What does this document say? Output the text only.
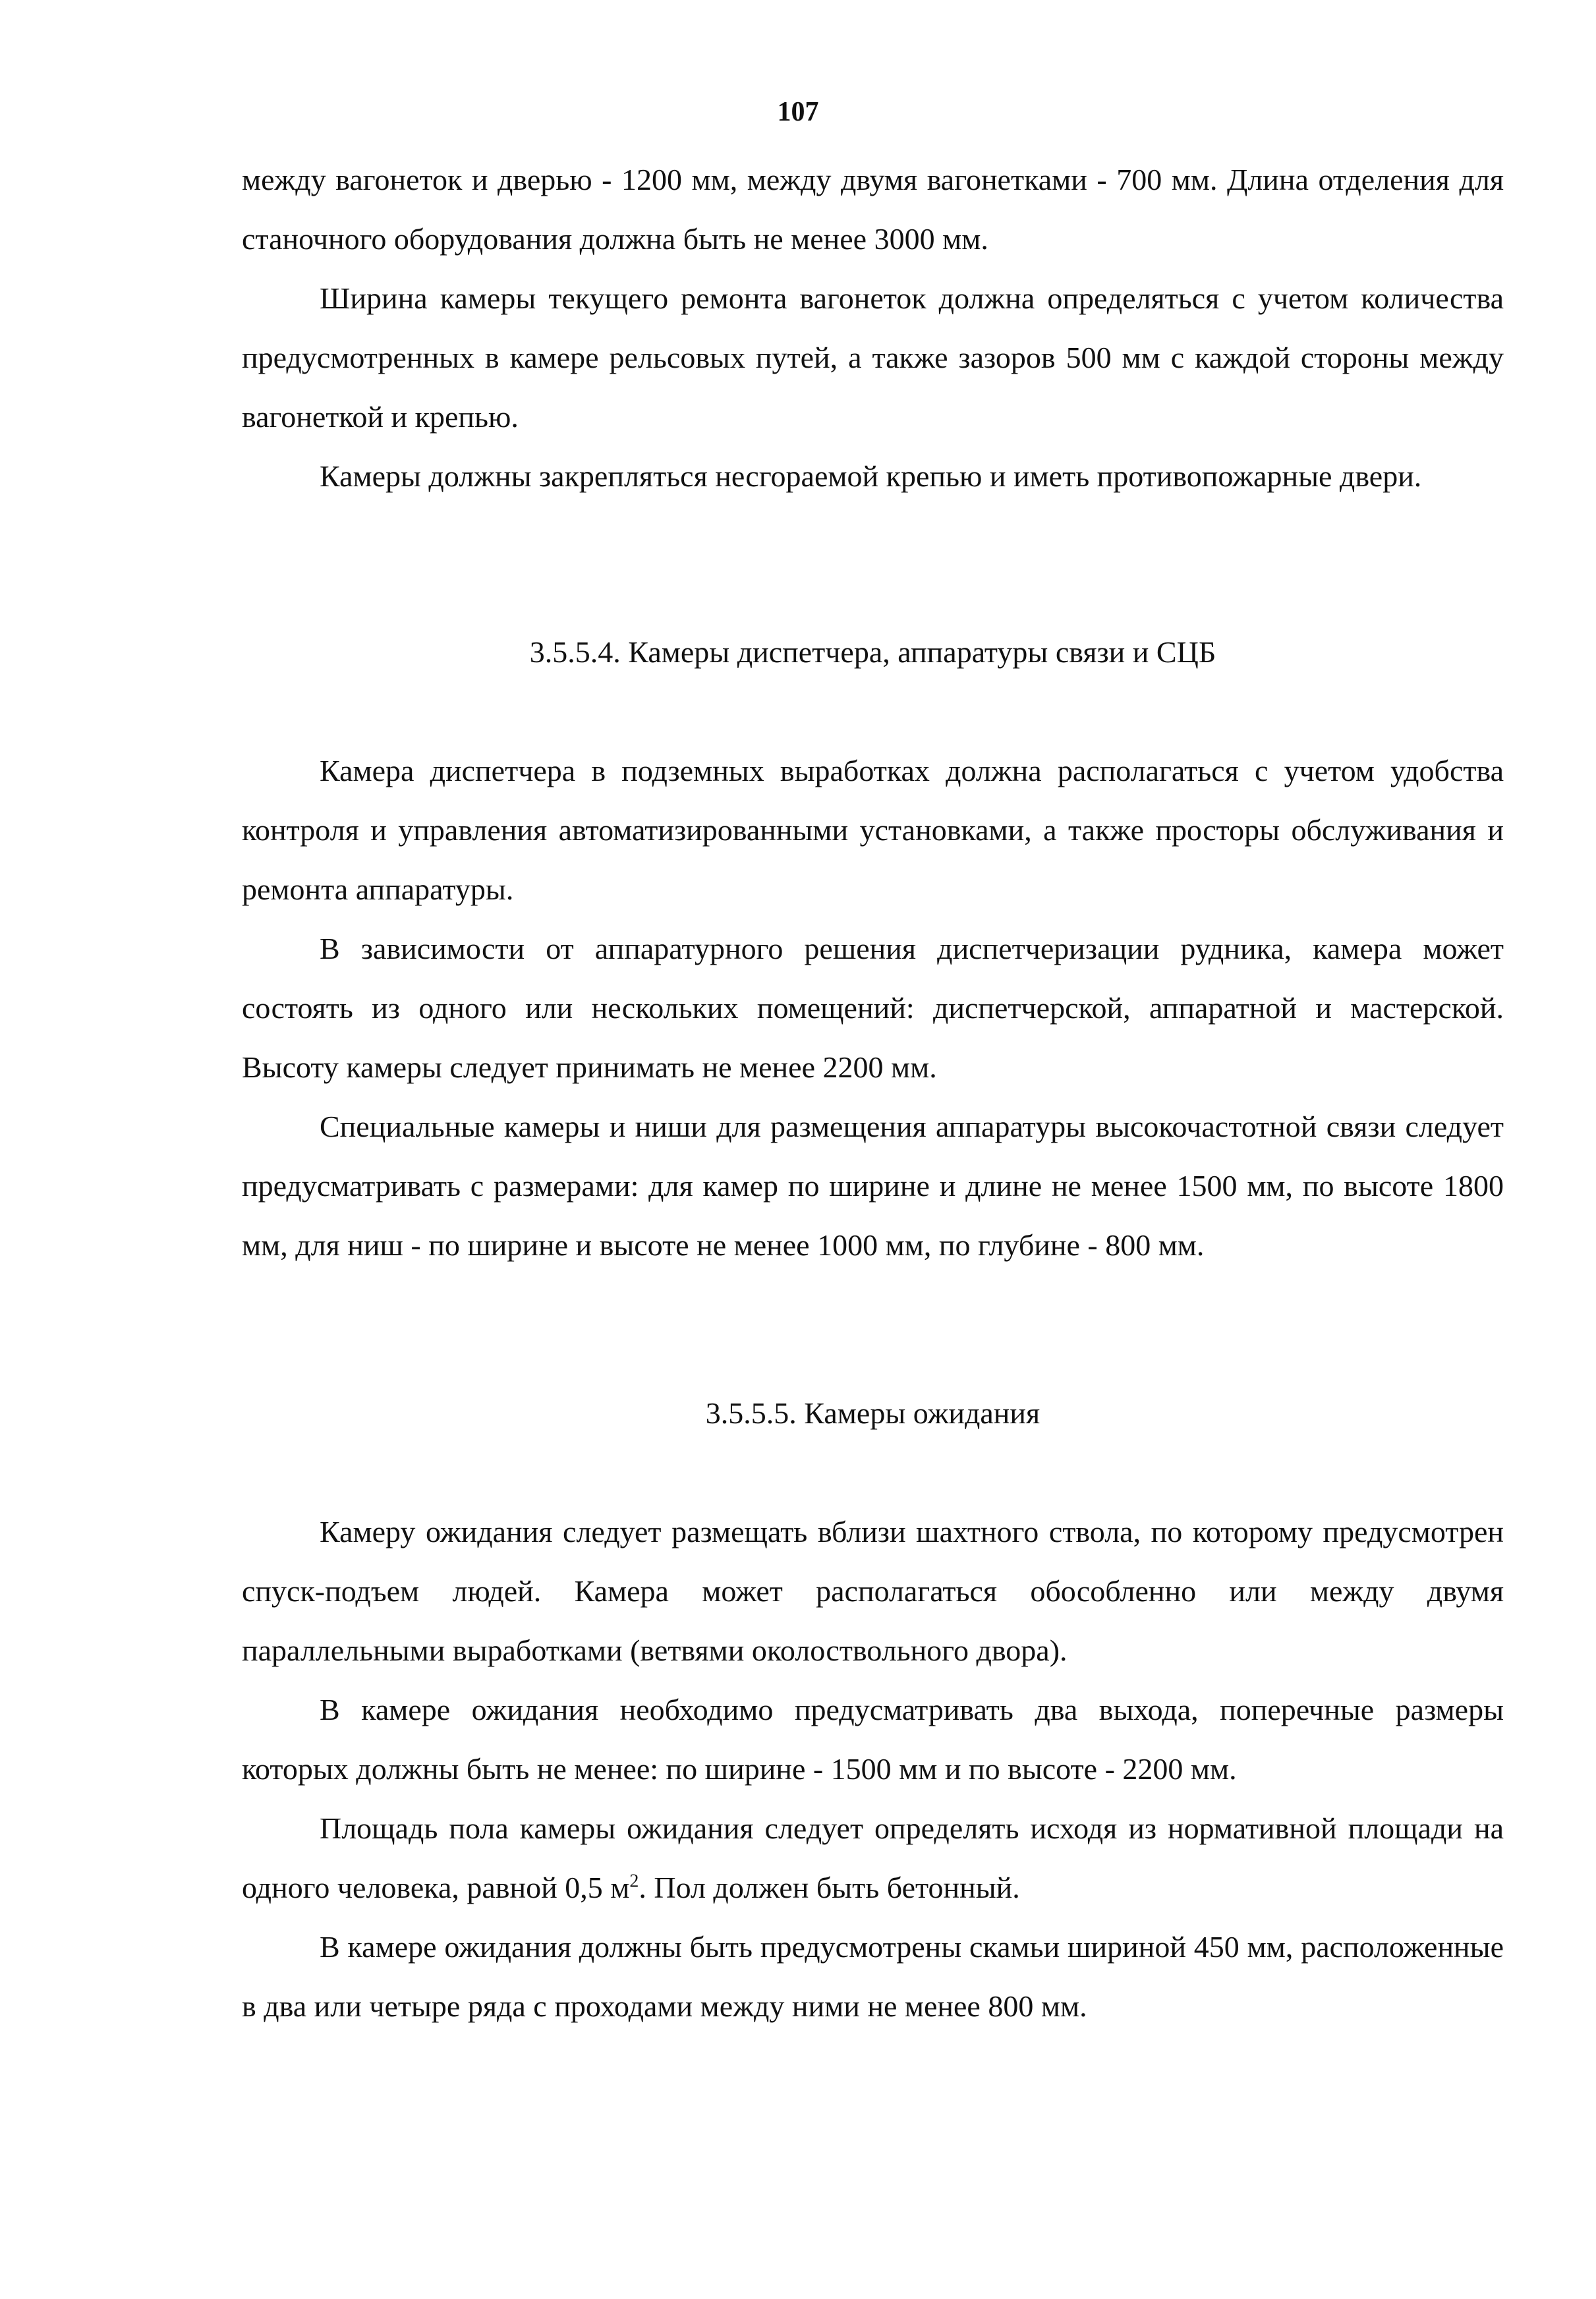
107

между вагонеток и дверью - 1200 мм, между двумя вагонетками - 700 мм. Длина отделения для станочного оборудования должна быть не менее 3000 мм.

Ширина камеры текущего ремонта вагонеток должна определяться с учетом количества предусмотренных в камере рельсовых путей, а также зазоров 500 мм с каждой стороны между вагонеткой и крепью.

Камеры должны закрепляться несгораемой крепью и иметь противопожарные двери.

3.5.5.4. Камеры диспетчера, аппаратуры связи и СЦБ

Камера диспетчера в подземных выработках должна располагаться с учетом удобства контроля и управления автоматизированными установками, а также просторы обслуживания и ремонта аппаратуры.

В зависимости от аппаратурного решения диспетчеризации рудника, камера может состоять из одного или нескольких помещений: диспетчерской, аппаратной и мастерской. Высоту камеры следует принимать не менее 2200 мм.

Специальные камеры и ниши для размещения аппаратуры высокочастотной связи следует предусматривать с размерами: для камер по ширине и длине не менее 1500 мм, по высоте 1800 мм, для ниш - по ширине и высоте не менее 1000 мм, по глубине - 800 мм.

3.5.5.5. Камеры ожидания

Камеру ожидания следует размещать вблизи шахтного ствола, по которому предусмотрен спуск-подъем людей. Камера может располагаться обособленно или между двумя параллельными выработками (ветвями околоствольного двора).

В камере ожидания необходимо предусматривать два выхода, поперечные размеры которых должны быть не менее: по ширине - 1500 мм и по высоте - 2200 мм.

Площадь пола камеры ожидания следует определять исходя из нормативной площади на одного человека, равной 0,5 $м^2$. Пол должен быть бетонный.

В камере ожидания должны быть предусмотрены скамьи шириной 450 мм, расположенные в два или четыре ряда с проходами между ними не менее 800 мм.
